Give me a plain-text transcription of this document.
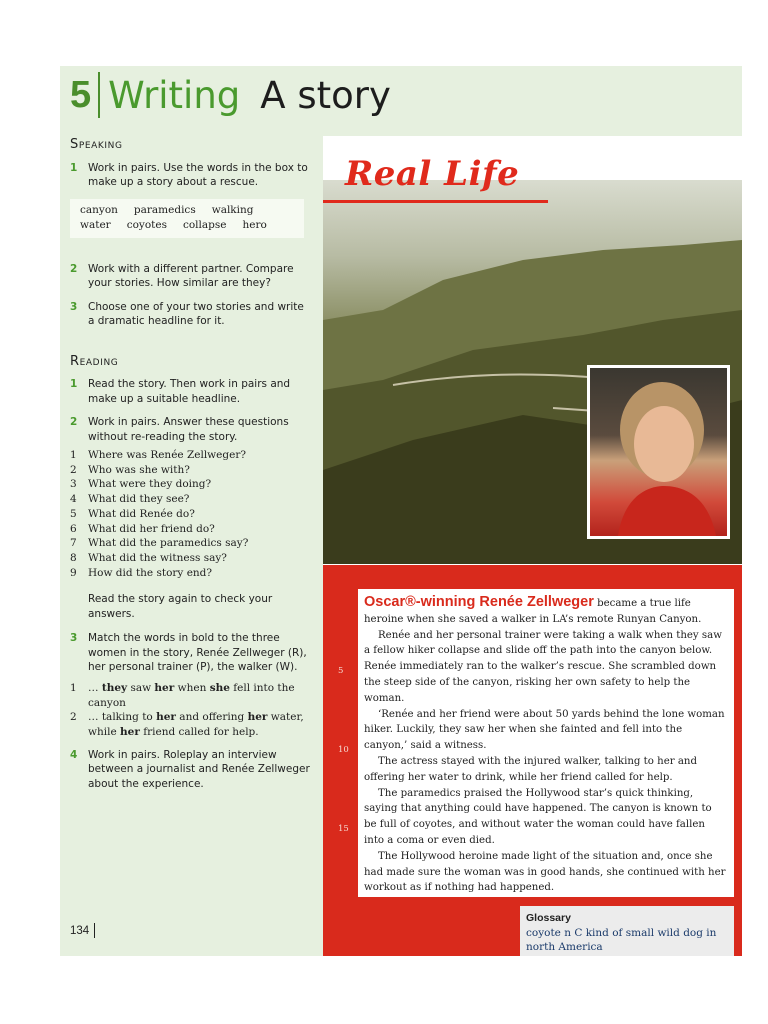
5 Writing A story
Speaking
1	Work in pairs. Use the words in the box to make up a story about a rescue.
canyon paramedics walking
water coyotes collapse hero
2	Work with a different partner. Compare your stories. How similar are they?
3	Choose one of your two stories and write a dramatic headline for it.
Reading
1	Read the story. Then work in pairs and make up a suitable headline.
2	Work in pairs. Answer these questions without re-reading the story.
1	Where was Renée Zellweger?
2	Who was she with?
3	What were they doing?
4	What did they see?
5	What did Renée do?
6	What did her friend do?
7	What did the paramedics say?
8	What did the witness say?
9	How did the story end?
Read the story again to check your answers.
3	Match the words in bold to the three women in the story, Renée Zellweger (R), her personal trainer (P), the walker (W).
1	… they saw her when she fell into the canyon
2	… talking to her and offering her water, while her friend called for help.
4	Work in pairs. Roleplay an interview between a journalist and Renée Zellweger about the experience.
134
Real Life

Oscar®-winning Renée Zellweger became a true life heroine when she saved a walker in LA’s remote Runyan Canyon.

Renée and her personal trainer were taking a walk when they saw a fellow hiker collapse and slide off the path into the canyon below. Renée immediately ran to the walker’s rescue. She scrambled down the steep side of the canyon, risking her own safety to help the woman.

‘Renée and her friend were about 50 yards behind the lone woman hiker. Luckily, they saw her when she fainted and fell into the canyon,’ said a witness.

The actress stayed with the injured walker, talking to her and offering her water to drink, while her friend called for help.

The paramedics praised the Hollywood star’s quick thinking, saying that anything could have happened. The canyon is known to be full of coyotes, and without water the woman could have fallen into a coma or even died.

The Hollywood heroine made light of the situation and, once she had made sure the woman was in good hands, she continued with her workout as if nothing had happened.

5
10
15
Glossary
coyote n C kind of small wild dog in north America
